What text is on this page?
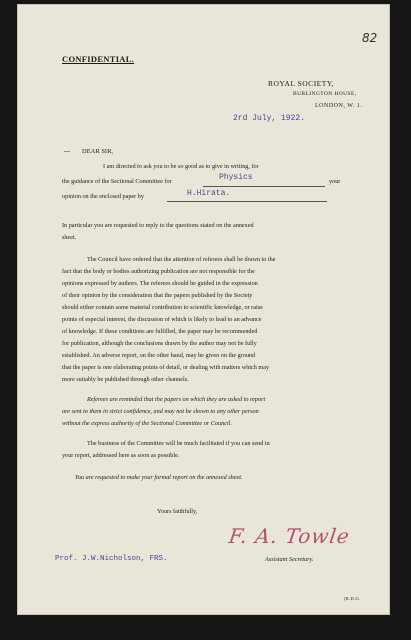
82
CONFIDENTIAL.
ROYAL SOCIETY,
BURLINGTON HOUSE,
LONDON, W. 1.
2rd July, 1922.
DEAR SIR,
I am directed to ask you to be so good as to give in writing, for
the guidance of the Sectional Committee for	Physics	your
opinion on the enclosed paper by	H.Hirata.
In particular you are requested to reply to the questions stated on the annexed
sheet.
The Council have ordered that the attention of referees shall be drawn to the
fact that the body or bodies authorizing publication are not responsible for the
opinions expressed by authors. The referees should be guided in the expression
of their opinion by the consideration that the papers published by the Society
should either contain some material contribution to scientific knowledge, or raise
points of especial interest, the discussion of which is likely to lead to an advance
of knowledge. If these conditions are fulfilled, the paper may be recommended
for publication, although the conclusions drawn by the author may not be fully
established. An adverse report, on the other hand, may be given on the ground
that the paper is one elaborating points of detail, or dealing with matters which may
more suitably be published through other channels.
Referees are reminded that the papers on which they are asked to report
are sent to them in strict confidence, and may not be shown to any other person
without the express authority of the Sectional Committee or Council.
The business of the Committee will be much facilitated if you can send in
your report, addressed here as soon as possible.
You are requested to make your formal report on the annexed sheet.
Yours faithfully,
F. A. Towle
Prof. J.W.Nicholson, FRS.	Assistant Secretary.
[R.D.G.
